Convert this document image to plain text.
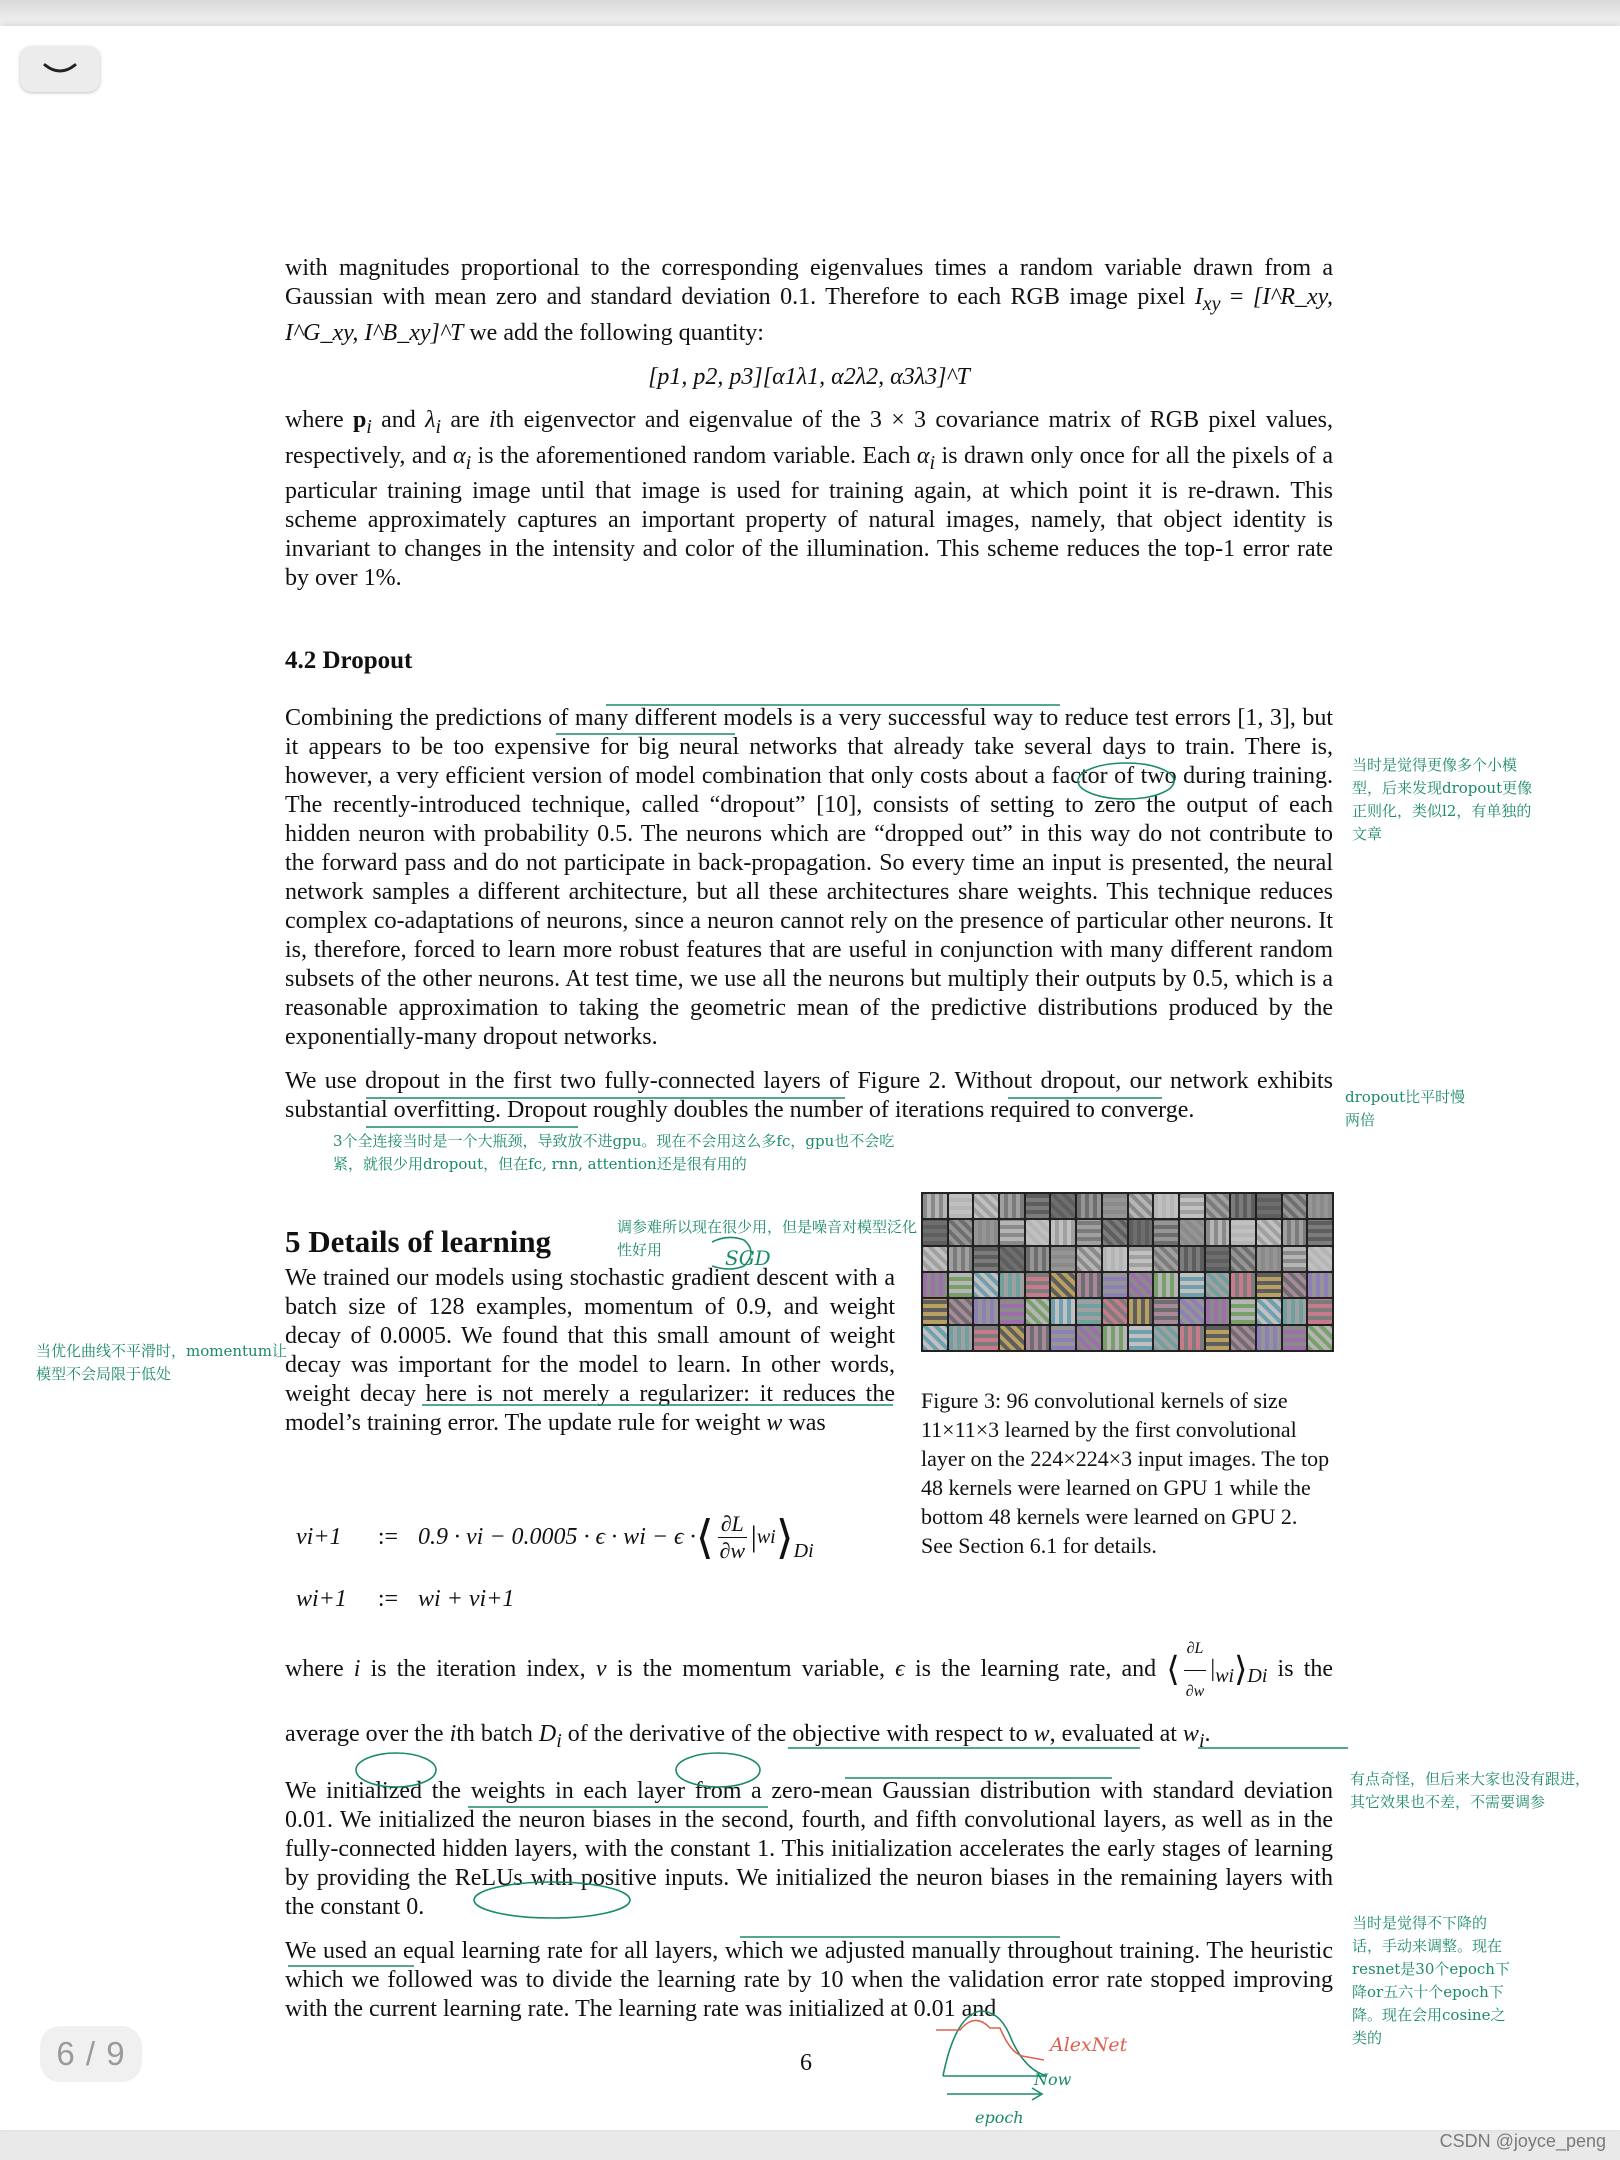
with magnitudes proportional to the corresponding eigenvalues times a random variable drawn from a Gaussian with mean zero and standard deviation 0.1. Therefore to each RGB image pixel $I_{xy}$ = [I^R_xy, I^G_xy, I^B_xy]^T we add the following quantity:

[p1, p2, p3][α1λ1, α2λ2, α3λ3]^T

where $p_i$ and $\lambda_i$ are ith eigenvector and eigenvalue of the 3 × 3 covariance matrix of RGB pixel values, respectively, and $\alpha_i$ is the aforementioned random variable. Each $\alpha_i$ is drawn only once for all the pixels of a particular training image until that image is used for training again, at which point it is re-drawn. This scheme approximately captures an important property of natural images, namely, that object identity is invariant to changes in the intensity and color of the illumination. This scheme reduces the top-1 error rate by over 1%.

4.2 Dropout

Combining the predictions of many different models is a very successful way to reduce test errors [1, 3], but it appears to be too expensive for big neural networks that already take several days to train. There is, however, a very efficient version of model combination that only costs about a factor of two during training. The recently-introduced technique, called “dropout” [10], consists of setting to zero the output of each hidden neuron with probability 0.5. The neurons which are “dropped out” in this way do not contribute to the forward pass and do not participate in back-propagation. So every time an input is presented, the neural network samples a different architecture, but all these architectures share weights. This technique reduces complex co-adaptations of neurons, since a neuron cannot rely on the presence of particular other neurons. It is, therefore, forced to learn more robust features that are useful in conjunction with many different random subsets of the other neurons. At test time, we use all the neurons but multiply their outputs by 0.5, which is a reasonable approximation to taking the geometric mean of the predictive distributions produced by the exponentially-many dropout networks.

We use dropout in the first two fully-connected layers of Figure 2. Without dropout, our network exhibits substantial overfitting. Dropout roughly doubles the number of iterations required to converge.

5 Details of learning

We trained our models using stochastic gradient descent with a batch size of 128 examples, momentum of 0.9, and weight decay of 0.0005. We found that this small amount of weight decay was important for the model to learn. In other words, weight decay here is not merely a regularizer: it reduces the model’s training error. The update rule for weight w was

vi+1	:= 0.9 · vi − 0.0005 · ϵ · wi − ϵ · ⟨ $\frac{\partial L}{\partial w}$ | wi $⟩_{Di}$
wi+1	:= wi + vi+1

where i is the iteration index, v is the momentum variable, ϵ is the learning rate, and ⟨ $\frac{\partial L}{\partial w}$ $|_{wi}⟩_{Di}$ is the average over the ith batch $D_i$ of the derivative of the objective with respect to w, evaluated at $w_i$.

We initialized the weights in each layer from a zero-mean Gaussian distribution with standard deviation 0.01. We initialized the neuron biases in the second, fourth, and fifth convolutional layers, as well as in the fully-connected hidden layers, with the constant 1. This initialization accelerates the early stages of learning by providing the ReLUs with positive inputs. We initialized the neuron biases in the remaining layers with the constant 0.

We used an equal learning rate for all layers, which we adjusted manually throughout training. The heuristic which we followed was to divide the learning rate by 10 when the validation error rate stopped improving with the current learning rate. The learning rate was initialized at 0.01 and

Figure 3: 96 convolutional kernels of size 11×11×3 learned by the first convolutional layer on the 224×224×3 input images. The top 48 kernels were learned on GPU 1 while the bottom 48 kernels were learned on GPU 2. See Section 6.1 for details.
6
当时是觉得更像多个小模型，后来发现dropout更像正则化，类似l2，有单独的文章
dropout比平时慢两倍
3个全连接当时是一个大瓶颈，导致放不进gpu。现在不会用这么多fc，gpu也不会吃紧，就很少用dropout，但在fc, rnn, attention还是很有用的
调参难所以现在很少用，但是噪音对模型泛化性好用	SGD
当优化曲线不平滑时，momentum让模型不会局限于低处
有点奇怪，但后来大家也没有跟进，其它效果也不差，不需要调参
当时是觉得不下降的话，手动来调整。现在resnet是30个epoch下降or五六十个epoch下降。现在会用cosine之类的
AlexNet
Now
epoch
6 / 9
CSDN @joyce_peng
